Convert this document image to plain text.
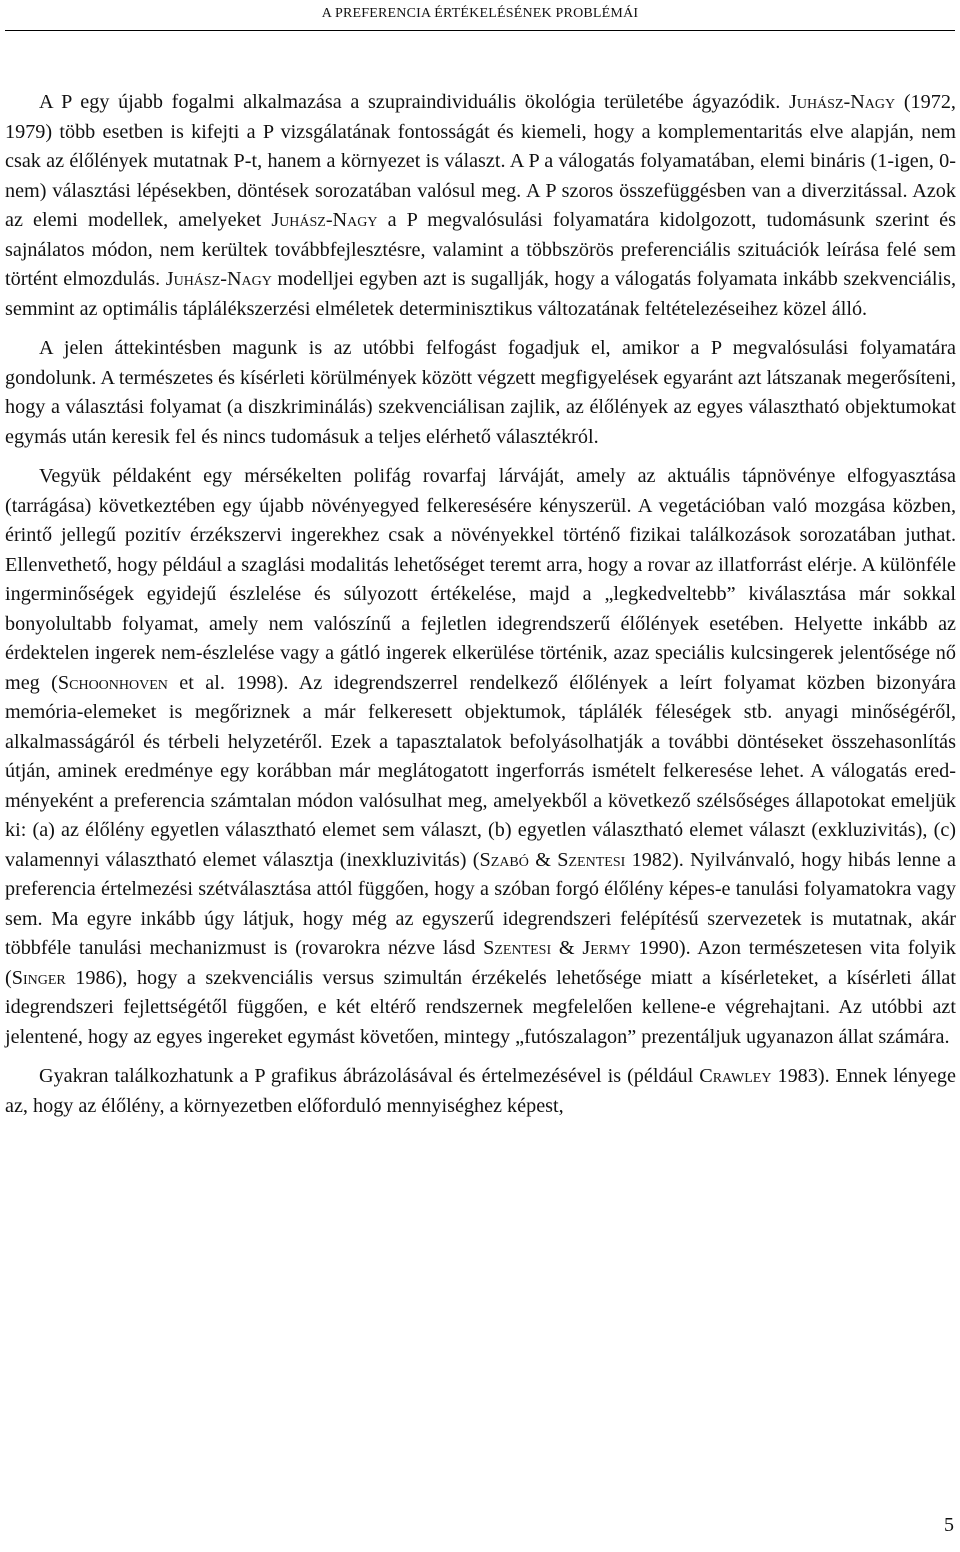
A PREFERENCIA ÉRTÉKELÉSÉNEK PROBLÉMÁI

A P egy újabb fogalmi alkalmazása a szupraindividuális ökológia területébe ágyazódik. Juhász-Nagy (1972, 1979) több esetben is kifejti a P vizsgálatának fontosságát és kiemeli, hogy a komplementaritás elve alapján, nem csak az élőlények mutatnak P-t, hanem a környezet is választ. A P a válogatás folyamatában, elemi bináris (1-igen, 0-nem) választási lépésekben, döntések sorozatában valósul meg. A P szoros összefüggésben van a diverzitással. Azok az elemi modellek, amelyeket Juhász-Nagy a P megvalósulási folyamatára kidolgozott, tudomásunk szerint és sajnálatos módon, nem kerültek továbbfejlesztésre, valamint a többszörös preferenciális szituációk leírása felé sem történt elmozdulás. Juhász-Nagy modelljei egyben azt is sugallják, hogy a válogatás folyamata inkább szekvenciális, semmint az optimális táplálékszerzési elméletek determinisztikus változatának feltételezéseihez közel álló.

A jelen áttekintésben magunk is az utóbbi felfogást fogadjuk el, amikor a P megvalósulási folyamatára gondolunk. A természetes és kísérleti körülmények között végzett megfigyelések egyaránt azt látszanak megerősíteni, hogy a választási folyamat (a diszkriminálás) szekvenciálisan zajlik, az élőlények az egyes választható objektumokat egymás után keresik fel és nincs tudomásuk a teljes elérhető választékról.

Vegyük példaként egy mérsékelten polifág rovarfaj lárváját, amely az aktuális tápnövénye elfogyasztása (tarrágása) következtében egy újabb növényegyed felkeresésére kényszerül. A vegetációban való mozgása közben, érintő jellegű pozitív érzékszervi ingerekhez csak a növényekkel történő fizikai találkozások sorozatában juthat. Ellenvethető, hogy például a szaglási modalitás lehetőséget teremt arra, hogy a rovar az illatforrást elérje. A különféle ingerminőségek egyidejű észlelése és súlyozott értékelése, majd a „legkedveltebb” kiválasztása már sokkal bonyolultabb folyamat, amely nem valószínű a fejletlen idegrendszerű élőlények esetében. Helyette inkább az érdektelen ingerek nem-észlelése vagy a gátló ingerek elkerülése történik, azaz speciális kulcsingerek jelentősége nő meg (Schoonhoven et al. 1998). Az idegrendszerrel rendelkező élőlények a leírt folyamat közben bizonyára memória-elemeket is megőriznek a már felkeresett objektumok, táplálék féleségek stb. anyagi minőségéről, alkalmasságáról és térbeli helyzetéről. Ezek a tapasztalatok befolyásolhatják a további döntéseket összehasonlítás útján, aminek eredménye egy korábban már meglátogatott ingerforrás ismételt felkeresése lehet. A válogatás eredményeként a preferencia számtalan módon valósulhat meg, amelyekből a következő szélsőséges állapotokat emeljük ki: (a) az élőlény egyetlen választható elemet sem választ, (b) egyetlen választható elemet választ (exkluzivitás), (c) valamennyi választható elemet választja (inexkluzivitás) (Szabó & Szentesi 1982). Nyilvánvaló, hogy hibás lenne a preferencia értelmezési szétválasztása attól függően, hogy a szóban forgó élőlény képes-e tanulási folyamatokra vagy sem. Ma egyre inkább úgy látjuk, hogy még az egyszerű idegrendszeri felépítésű szervezetek is mutatnak, akár többféle tanulási mechanizmust is (rovarokra nézve lásd Szentesi & Jermy 1990). Azon természetesen vita folyik (Singer 1986), hogy a szekvenciális versus szimultán érzékelés lehetősége miatt a kísérleteket, a kísérleti állat idegrendszeri fejlettségétől függően, e két eltérő rendszernek megfelelően kellene-e végrehajtani. Az utóbbi azt jelentené, hogy az egyes ingereket egymást követően, mintegy „futószalagon” prezentáljuk ugyanazon állat számára.

Gyakran találkozhatunk a P grafikus ábrázolásával és értelmezésével is (például Crawley 1983). Ennek lényege az, hogy az élőlény, a környezetben előforduló mennyiséghez képest,

5
